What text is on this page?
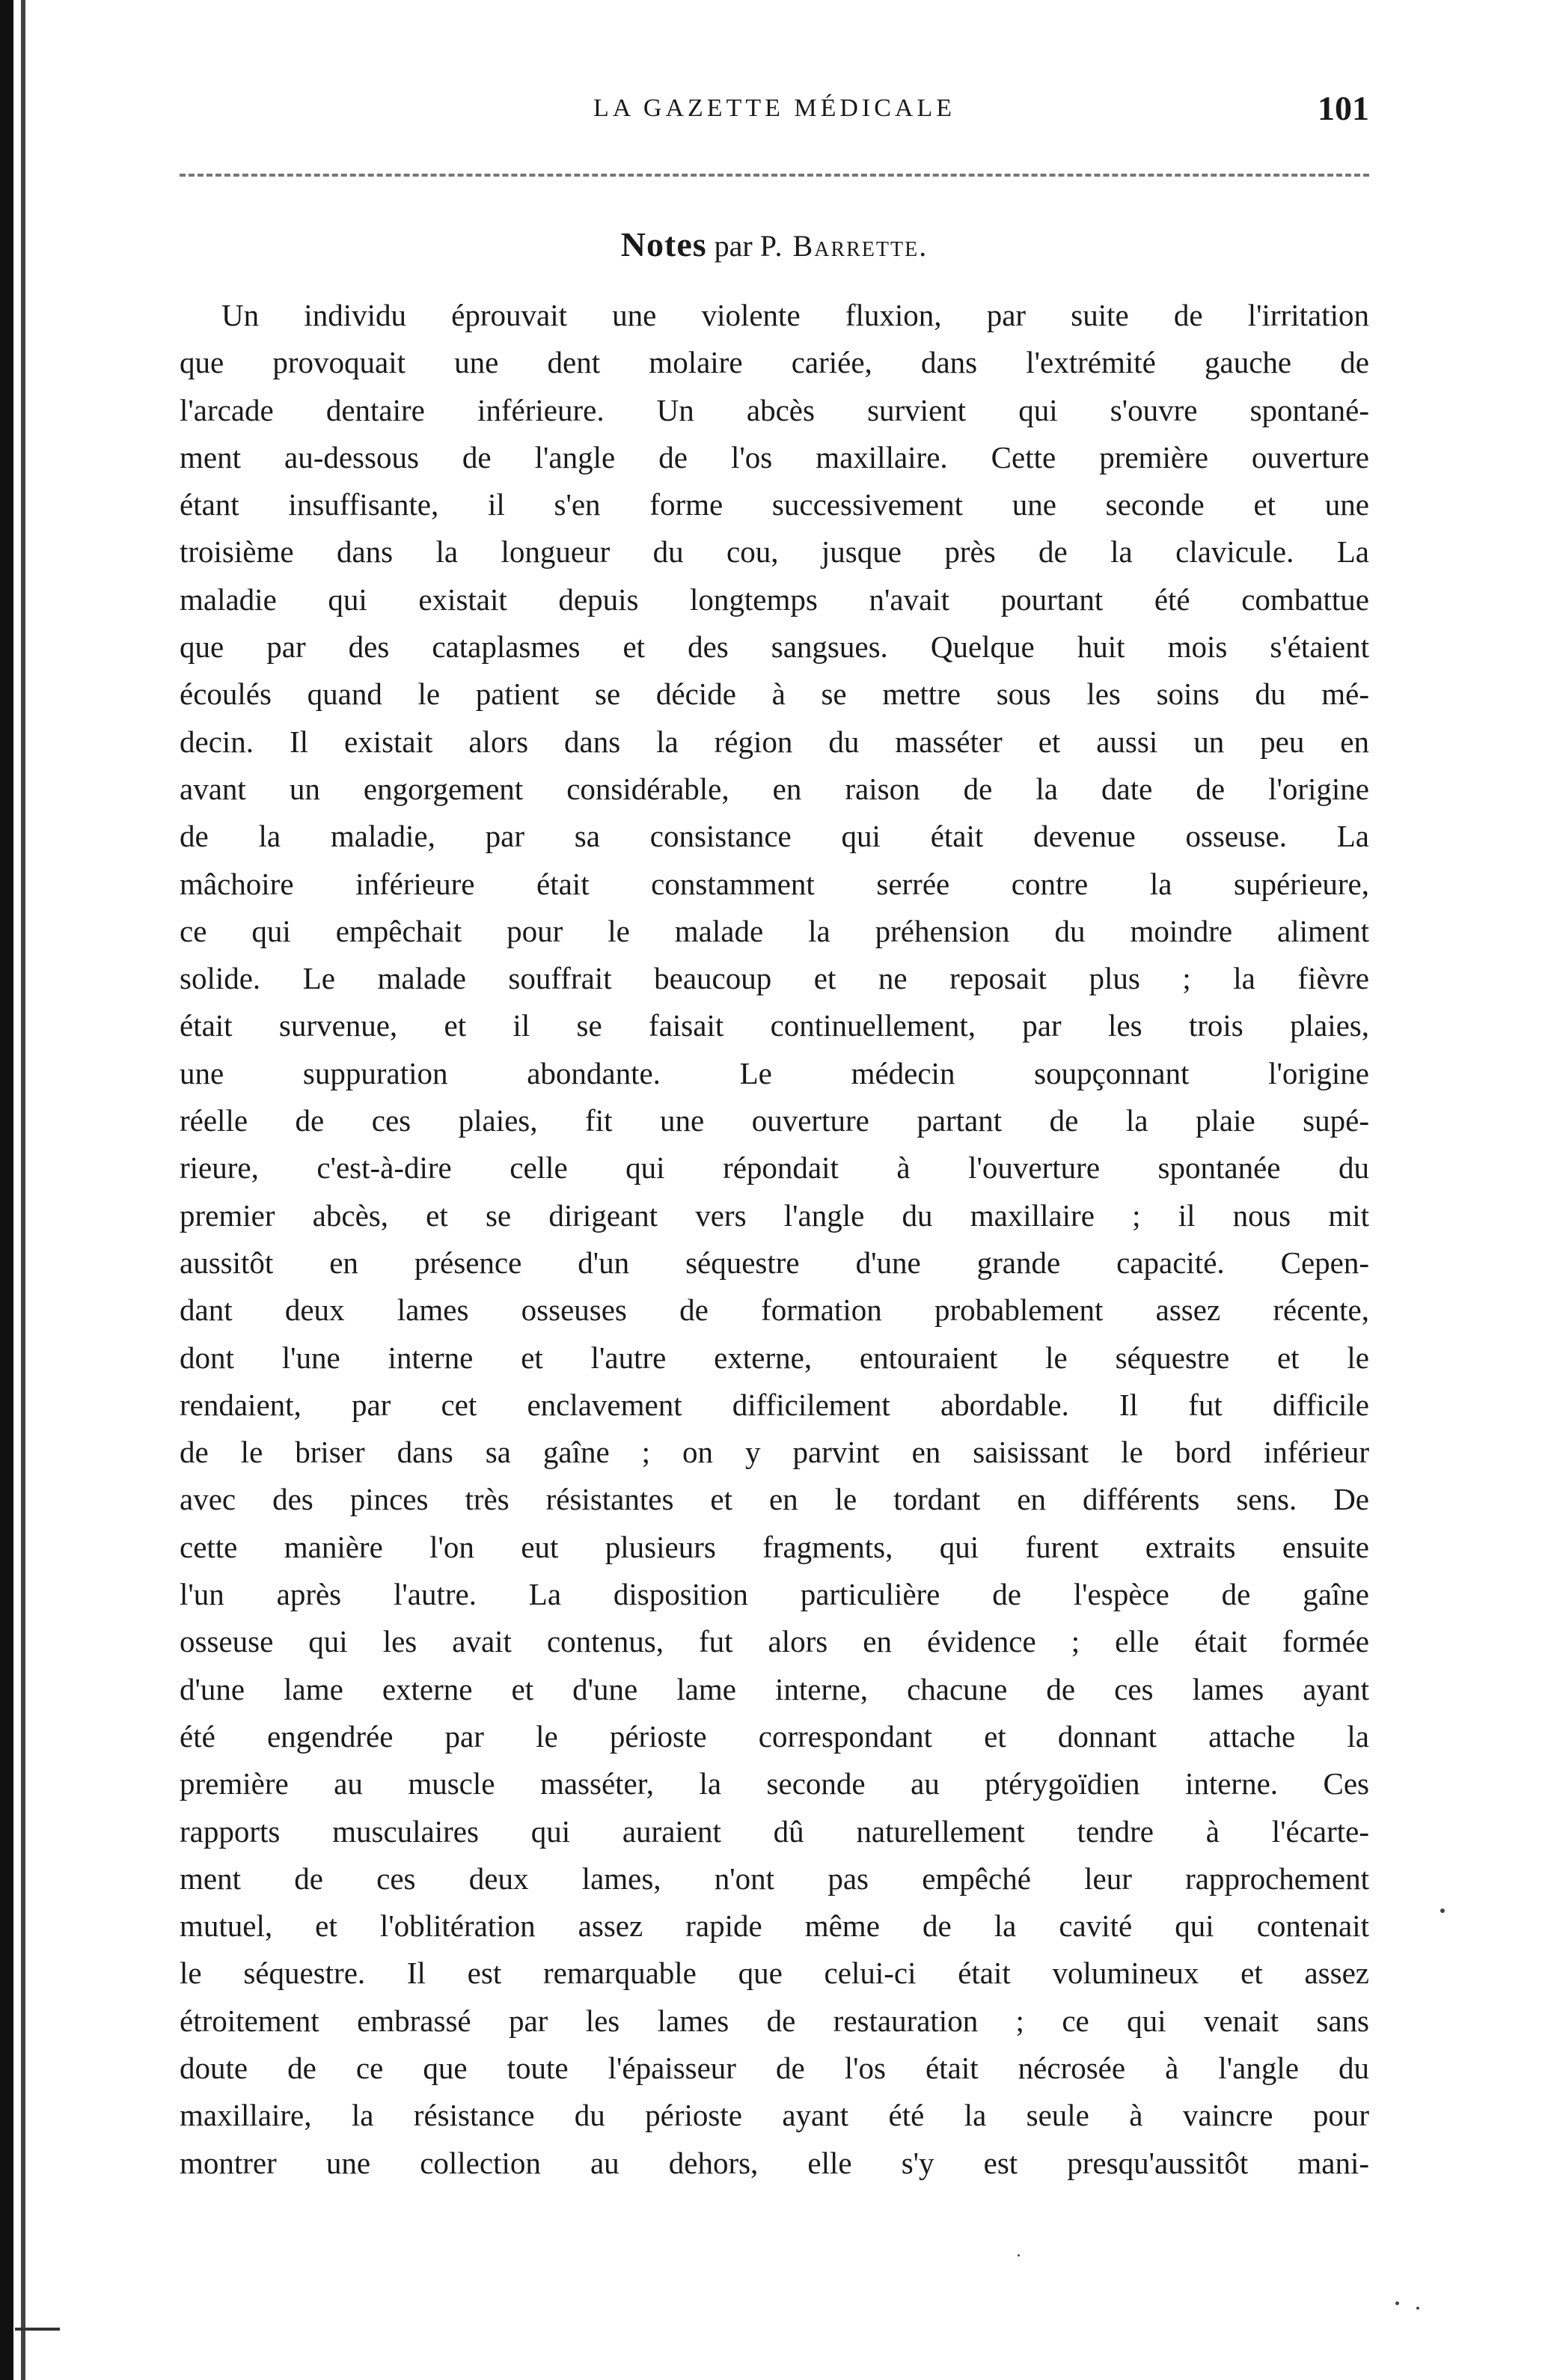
LA GAZETTE MÉDICALE	101
Notes par P. Barrette.
Un individu éprouvait une violente fluxion, par suite de l'irritation
que provoquait une dent molaire cariée, dans l'extrémité gauche de
l'arcade dentaire inférieure. Un abcès survient qui s'ouvre spontané-
ment au-dessous de l'angle de l'os maxillaire. Cette première ouverture
étant insuffisante, il s'en forme successivement une seconde et une
troisième dans la longueur du cou, jusque près de la clavicule. La
maladie qui existait depuis longtemps n'avait pourtant été combattue
que par des cataplasmes et des sangsues. Quelque huit mois s'étaient
écoulés quand le patient se décide à se mettre sous les soins du mé-
decin. Il existait alors dans la région du masséter et aussi un peu en
avant un engorgement considérable, en raison de la date de l'origine
de la maladie, par sa consistance qui était devenue osseuse. La
mâchoire inférieure était constamment serrée contre la supérieure,
ce qui empêchait pour le malade la préhension du moindre aliment
solide. Le malade souffrait beaucoup et ne reposait plus ; la fièvre
était survenue, et il se faisait continuellement, par les trois plaies,
une suppuration abondante. Le médecin soupçonnant l'origine
réelle de ces plaies, fit une ouverture partant de la plaie supé-
rieure, c'est-à-dire celle qui répondait à l'ouverture spontanée du
premier abcès, et se dirigeant vers l'angle du maxillaire ; il nous mit
aussitôt en présence d'un séquestre d'une grande capacité. Cepen-
dant deux lames osseuses de formation probablement assez récente,
dont l'une interne et l'autre externe, entouraient le séquestre et le
rendaient, par cet enclavement difficilement abordable. Il fut difficile
de le briser dans sa gaîne ; on y parvint en saisissant le bord inférieur
avec des pinces très résistantes et en le tordant en différents sens. De
cette manière l'on eut plusieurs fragments, qui furent extraits ensuite
l'un après l'autre. La disposition particulière de l'espèce de gaîne
osseuse qui les avait contenus, fut alors en évidence ; elle était formée
d'une lame externe et d'une lame interne, chacune de ces lames ayant
été engendrée par le périoste correspondant et donnant attache la
première au muscle masséter, la seconde au ptérygoïdien interne. Ces
rapports musculaires qui auraient dû naturellement tendre à l'écarte-
ment de ces deux lames, n'ont pas empêché leur rapprochement
mutuel, et l'oblitération assez rapide même de la cavité qui contenait
le séquestre. Il est remarquable que celui-ci était volumineux et assez
étroitement embrassé par les lames de restauration ; ce qui venait sans
doute de ce que toute l'épaisseur de l'os était nécrosée à l'angle du
maxillaire, la résistance du périoste ayant été la seule à vaincre pour
montrer une collection au dehors, elle s'y est presqu'aussitôt mani-
